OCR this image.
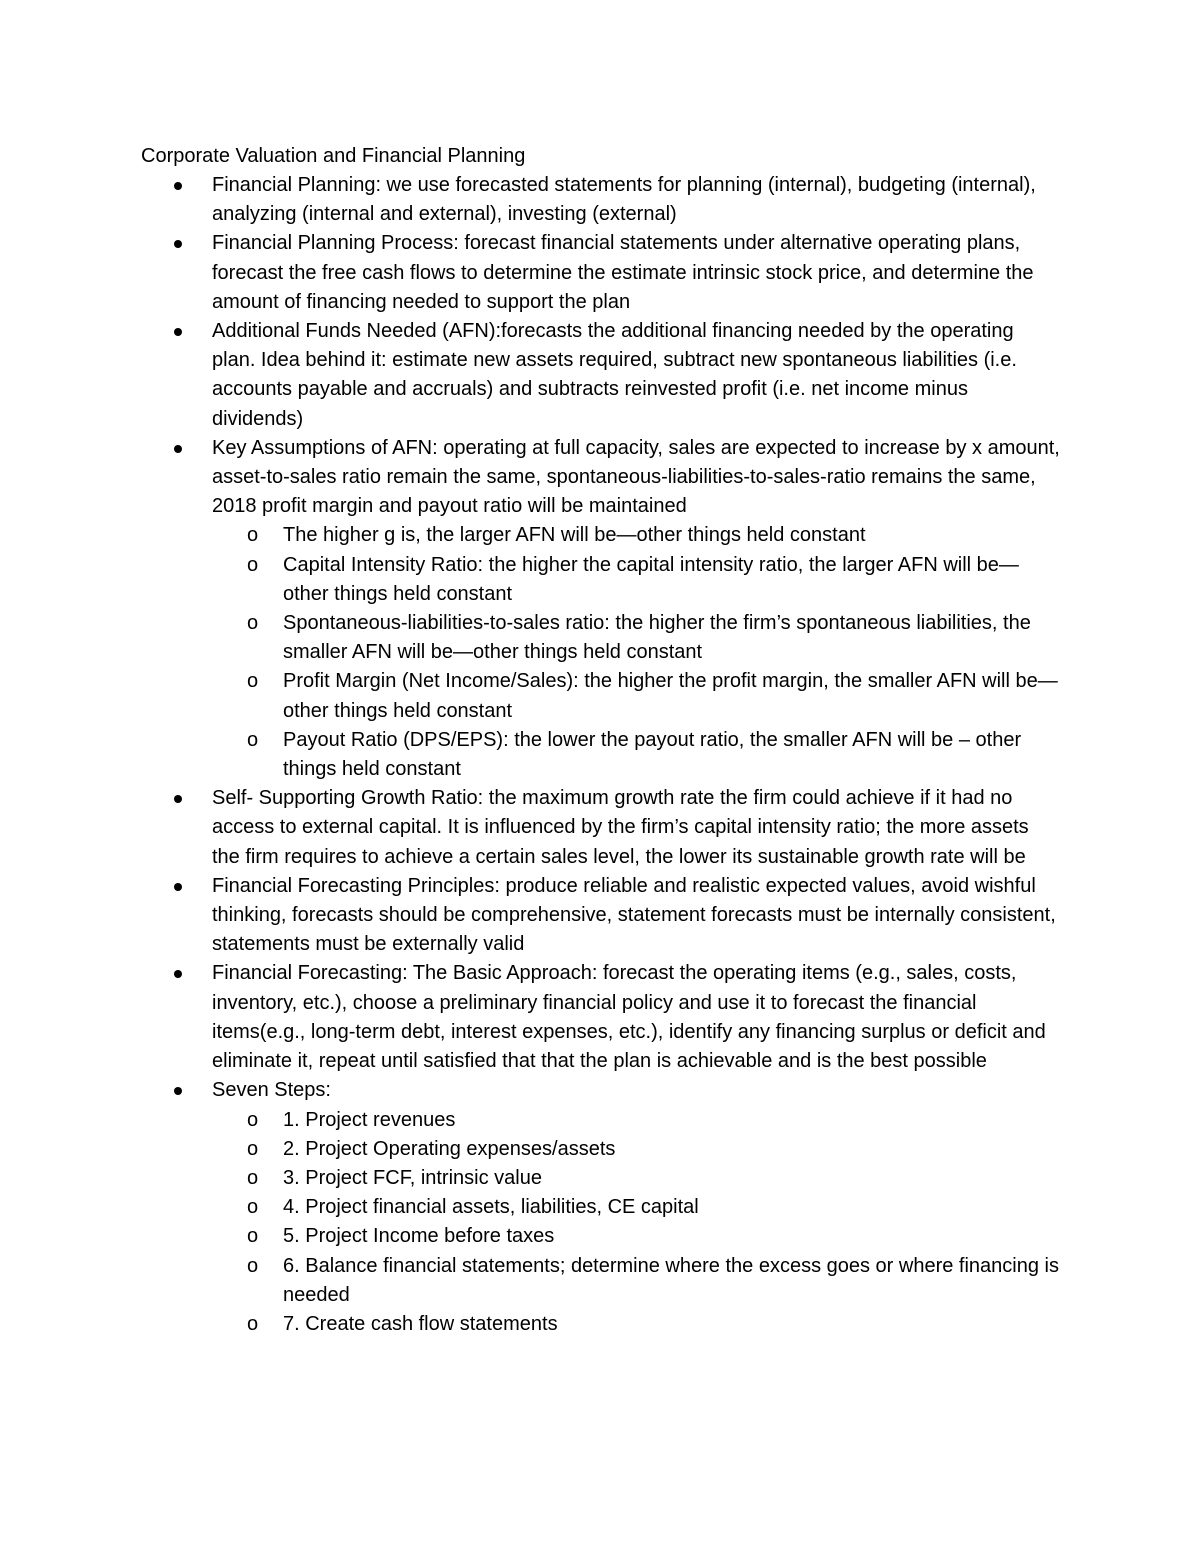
Corporate Valuation and Financial Planning
Financial Planning: we use forecasted statements for planning (internal), budgeting (internal), analyzing (internal and external), investing (external)
Financial Planning Process: forecast financial statements under alternative operating plans, forecast the free cash flows to determine the estimate intrinsic stock price, and determine the amount of financing needed to support the plan
Additional Funds Needed (AFN):forecasts the additional financing needed by the operating plan. Idea behind it: estimate new assets required, subtract new spontaneous liabilities (i.e. accounts payable and accruals) and subtracts reinvested profit (i.e. net income minus dividends)
Key Assumptions of AFN: operating at full capacity, sales are expected to increase by x amount, asset-to-sales ratio remain the same, spontaneous-liabilities-to-sales-ratio remains the same, 2018 profit margin and payout ratio will be maintained
o The higher g is, the larger AFN will be—other things held constant
o Capital Intensity Ratio: the higher the capital intensity ratio, the larger AFN will be—other things held constant
o Spontaneous-liabilities-to-sales ratio: the higher the firm’s spontaneous liabilities, the smaller AFN will be—other things held constant
o Profit Margin (Net Income/Sales): the higher the profit margin, the smaller AFN will be—other things held constant
o Payout Ratio (DPS/EPS): the lower the payout ratio, the smaller AFN will be – other things held constant
Self- Supporting Growth Ratio: the maximum growth rate the firm could achieve if it had no access to external capital. It is influenced by the firm’s capital intensity ratio; the more assets the firm requires to achieve a certain sales level, the lower its sustainable growth rate will be
Financial Forecasting Principles: produce reliable and realistic expected values, avoid wishful thinking, forecasts should be comprehensive, statement forecasts must be internally consistent, statements must be externally valid
Financial Forecasting: The Basic Approach: forecast the operating items (e.g., sales, costs, inventory, etc.), choose a preliminary financial policy and use it to forecast the financial items(e.g., long-term debt, interest expenses, etc.), identify any financing surplus or deficit and eliminate it, repeat until satisfied that that the plan is achievable and is the best possible
Seven Steps:
o 1. Project revenues
o 2. Project Operating expenses/assets
o 3. Project FCF, intrinsic value
o 4. Project financial assets, liabilities, CE capital
o 5. Project Income before taxes
o 6. Balance financial statements; determine where the excess goes or where financing is needed
o 7. Create cash flow statements
